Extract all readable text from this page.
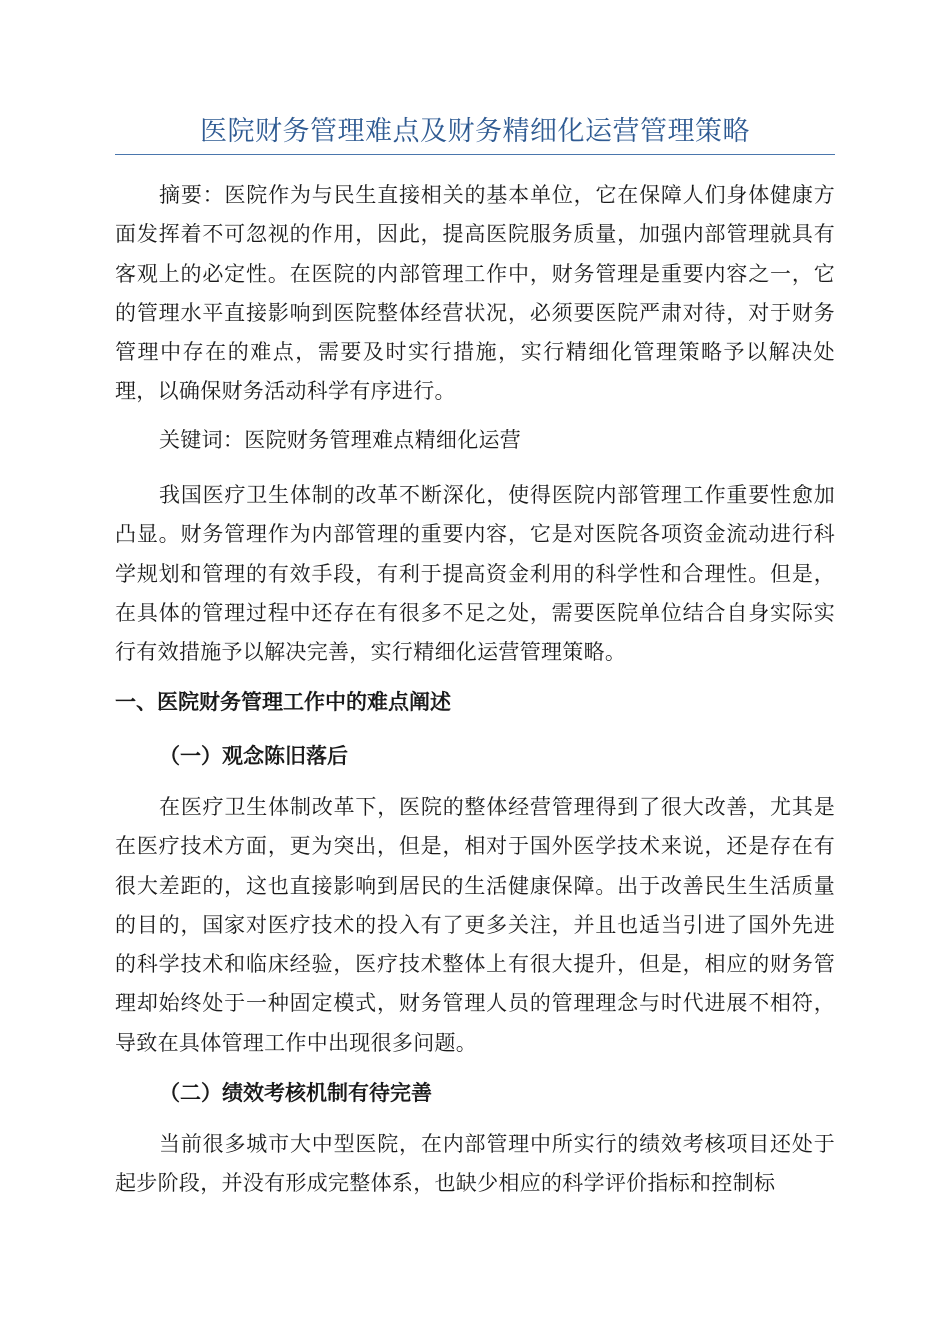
医院财务管理难点及财务精细化运营管理策略

摘要：医院作为与民生直接相关的基本单位，它在保障人们身体健康方面发挥着不可忽视的作用，因此，提高医院服务质量，加强内部管理就具有客观上的必定性。在医院的内部管理工作中，财务管理是重要内容之一，它的管理水平直接影响到医院整体经营状况，必须要医院严肃对待，对于财务管理中存在的难点，需要及时实行措施，实行精细化管理策略予以解决处理，以确保财务活动科学有序进行。

关键词：医院财务管理难点精细化运营

我国医疗卫生体制的改革不断深化，使得医院内部管理工作重要性愈加凸显。财务管理作为内部管理的重要内容，它是对医院各项资金流动进行科学规划和管理的有效手段，有利于提高资金利用的科学性和合理性。但是，在具体的管理过程中还存在有很多不足之处，需要医院单位结合自身实际实行有效措施予以解决完善，实行精细化运营管理策略。

一、医院财务管理工作中的难点阐述
（一）观念陈旧落后

在医疗卫生体制改革下，医院的整体经营管理得到了很大改善，尤其是在医疗技术方面，更为突出，但是，相对于国外医学技术来说，还是存在有很大差距的，这也直接影响到居民的生活健康保障。出于改善民生生活质量的目的，国家对医疗技术的投入有了更多关注，并且也适当引进了国外先进的科学技术和临床经验，医疗技术整体上有很大提升，但是，相应的财务管理却始终处于一种固定模式，财务管理人员的管理理念与时代进展不相符，导致在具体管理工作中出现很多问题。

（二）绩效考核机制有待完善

当前很多城市大中型医院，在内部管理中所实行的绩效考核项目还处于起步阶段，并没有形成完整体系，也缺少相应的科学评价指标和控制标
